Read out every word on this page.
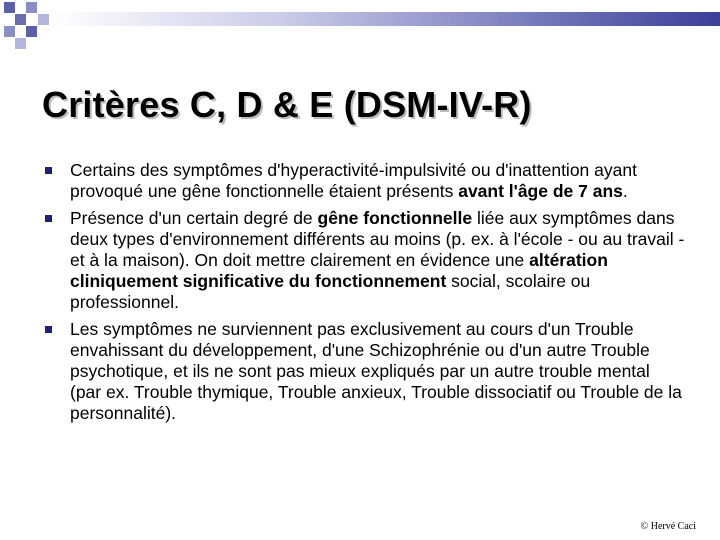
Critères C, D & E (DSM-IV-R)
Certains des symptômes d'hyperactivité-impulsivité ou d'inattention ayant provoqué une gêne fonctionnelle étaient présents avant l'âge de 7 ans.
Présence d'un certain degré de gêne fonctionnelle liée aux symptômes dans deux types d'environnement différents au moins (p. ex. à l'école - ou au travail - et à la maison). On doit mettre clairement en évidence une altération cliniquement significative du fonctionnement social, scolaire ou professionnel.
Les symptômes ne surviennent pas exclusivement au cours d'un Trouble envahissant du développement, d'une Schizophrénie ou d'un autre Trouble psychotique, et ils ne sont pas mieux expliqués par un autre trouble mental (par ex. Trouble thymique, Trouble anxieux, Trouble dissociatif ou Trouble de la personnalité).
© Hervé Caci
